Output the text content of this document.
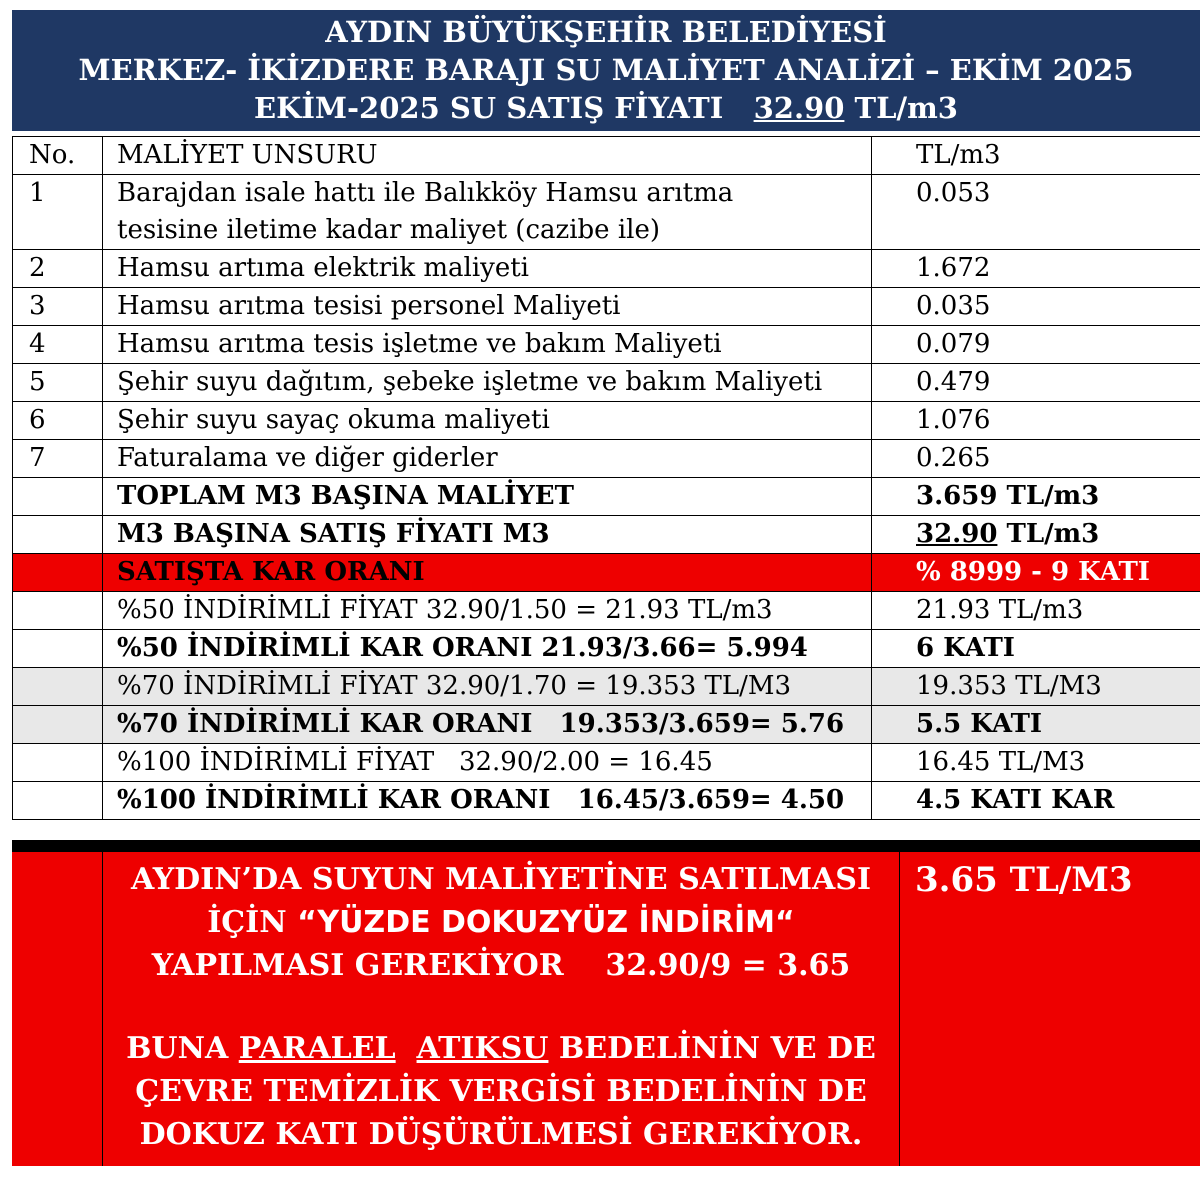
AYDIN BÜYÜKŞEHİR BELEDİYESİ
MERKEZ- İKİZDERE BARAJI SU MALİYET ANALİZİ – EKİM 2025
EKİM-2025 SU SATIŞ FİYATI   32.90 TL/m3
No.	MALİYET UNSURU	TL/m3
1	Barajdan isale hattı ile Balıkköy Hamsu arıtma tesisine iletime kadar maliyet (cazibe ile)	0.053
2	Hamsu artıma elektrik maliyeti	1.672
3	Hamsu arıtma tesisi personel Maliyeti	0.035
4	Hamsu arıtma tesis işletme ve bakım Maliyeti	0.079
5	Şehir suyu dağıtım, şebeke işletme ve bakım Maliyeti	0.479
6	Şehir suyu sayaç okuma maliyeti	1.076
7	Faturalama ve diğer giderler	0.265
	TOPLAM M3 BAŞINA MALİYET	3.659 TL/m3
	M3 BAŞINA SATIŞ FİYATI M3	32.90 TL/m3
	SATIŞTA KAR ORANI	% 8999 - 9 KATI
	%50 İNDİRİMLİ FİYAT 32.90/1.50 = 21.93 TL/m3	21.93 TL/m3
	%50 İNDİRİMLİ KAR ORANI 21.93/3.66= 5.994	6 KATI
	%70 İNDİRİMLİ FİYAT 32.90/1.70 = 19.353 TL/M3	19.353 TL/M3
	%70 İNDİRİMLİ KAR ORANI   19.353/3.659= 5.76	5.5 KATI
	%100 İNDİRİMLİ FİYAT   32.90/2.00 = 16.45	16.45 TL/M3
	%100 İNDİRİMLİ KAR ORANI   16.45/3.659= 4.50	4.5 KATI KAR
AYDIN’DA SUYUN MALİYETİNE SATILMASI
İÇİN “YÜZDE DOKUZYÜZ İNDİRİM“
YAPILMASI GEREKİYOR    32.90/9 = 3.65
BUNA PARALEL ATIKSU BEDELİNİN VE DE
ÇEVRE TEMİZLİK VERGİSİ BEDELİNİN DE
DOKUZ KATI DÜŞÜRÜLMESİ GEREKİYOR.
3.65 TL/M3
